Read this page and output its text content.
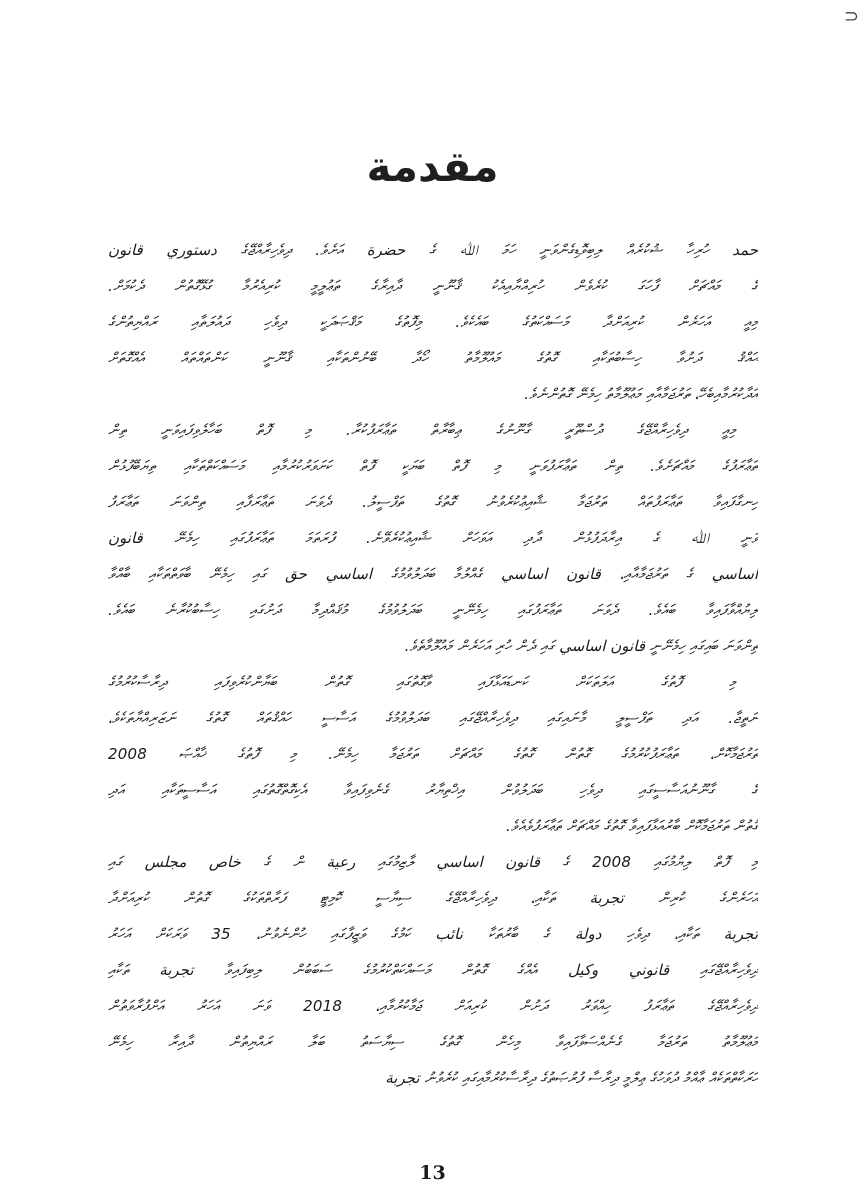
⊃
مقدمة
حمد ހުރިހާ ޝުކުރެއް ލިބިވޮޑިގެންވަނީ ހަމަ ﷲ ގެ حضرة އަށެވެ. ދިވެހިރާއްޖޭގެ دستوري قانون
ގެ މައްޗަށް ފާހަގަ ކުރެވެން ހުރިއްޔާއިއެކު ޤާނޫނީ ދާއިރާގެ ތަޢުލީމީ ކުރިއެރުމާ ގުޅޭގޮތުން ދެކުމަށް.
މިއީ އަހަރެން ކުރިއަށްދާ މަސައްކަތުގެ ބައެކެވެ. މިފޮތުގެ މަޤްޞަދަކީ ދިވެހި ދައުލަތާއި ރައްޔިތުންގެ
ޙައްޤު ދަށުވާ ހިސާބުތަކާއި ގޮތުގެ މައުލޫމާތު ހޯދާ ބޭނުންތަކާއި ޤާނޫނީ ކަންތައްތައް އެއްގޮތަށް
އަދާކުރުމާއިބެހޭ، ތަރުޖަމާއާއި މަޢުލޫމާތު ހިމެނޭ ގޮތުންނެވެ.
މިއީ ދިވެހިރާއްޖޭގެ ދުސްތޫރީ ގާނޫނުގެ ޢިބާރާތް ތަޢާރަފުކުރާ. މި ފޮތް ބަހާލެވިފައިވަނީ ތިން
ތަޢާރަފުގެ މައްޗަށެވެ. ތިން ތަޢާރަފުވަނީ މި ފޮތް ބަޔަކީ ފޮތް ކަށަވަރުކުރުމާއި މަސައްކަތްތަކާއި ތިޔަބޭފުޅުން
ހިނގާފައިވާ ތަޢާރަފުތައް ތަރުޖަމާ ޝާއިޢުކުރެވުނު ގޮތުގެ ތަފްސީލު. ދެވަނަ ތަޢާރަފާއި ތިންވަނަ ތަޢާރަފު
ވަނީ ﷲ ގެ އިރާދަފުޅުން ދާދި އަވަހަށް ޝާއިޢުކުރެވޭނެ. ފުރަތަމަ ތަޢާރަފުގައި ހިމެނޭ قانون
اساسي ގެ ތަރުޖަމާއާއި، قانون اساسي ގެއްލުމާ ބަދަލުވުމުގެ اساسي حق ގައި ހިމެނޭ ބާވަތްތަކާއި ބާއްވާ
ލިޔުއްވާފައިވާ ބައެވެ. ދެވަނަ ތަޢާރަފުގައި ހިމެނޭނީ ބަދަލުވުމުގެ މުޤައްދިމާ ދަށުގައި ހިސާބުކުރާނެ ބައެވެ.
ތިންވަނަ ބައިގައި ހިމެނޭނީ قانون اساسي ގައި ދެން ހުރި އަހަރެން މައުލޫމާތެވެ.
މި ފޮތުގެ އަލަތަކަށް ކަނޑައަޅާފައި ވާގޮތުގައި ގޮތުން ބަޔާންކުރެވިފައި ދިރާސާކުރުމުގެ
ނަތީޖާ. އަދި ތަފްސީލީ މާނައިގައި ދިވެހިރާއްޖޭގައި ބަދަލުވުމުގެ އަސާސީ ހައްޤުތައް ގޮތުގެ ނަޒަރިއްޔާތަކެވެ،
ތަރުޖަމާކޮށް، ތަޢާރަފުކުރުމުގެ ގޮތުން ގޮތުގެ މައްޗަށް ތަރުޖަމާ ހިމެނޭ. މި ފޮތުގެ ޚާއްޞަ 2008
ގެ ގާނޫނުއަސާސީގައި ދިވެހި ބަދަލުވުން އިޚްތިޔާރު ގެނެވިފައިވާ އެކިގޮތްގޮތުގައި އަސާސީތަކާއި އަދި
ގޮތުން ތަރުޖަމާކޮށް ބާރުއަޅާފައިވާ ގޮތުގެ މައްޗަށް ތަޢާރަފުވެއެވެ.
މި ފޮތް ލިޔުމުގައި 2008 ގެ قانون اساسي ލާޒިމުގައި رعية ން ގެ خاص مجلس ގައި
އަހަރެންގެ ކުރިން تجربة ތަކާއި، ދިވެހިރާއްޖޭގެ ސިޔާސީ ކޮމިޓީ ފަރާތްތަކުގެ ގޮތުން ކުރިއަށްދާ
تجربة ތަކާއި، ދިވެހި دولة ގެ ބާރުތަކާ نائب ކަމުގެ ވަޒީފާގައި ހުންނެވުނު، 35 ވަރަކަށް އަހަރު
ދިވެހިރާއްޖޭގައި قانوني وكيل އެއްގެ ގޮތުން މަސައްކަތްކުރުމުގެ ސަބަބުން ލިބިފައިވާ تجربة ތަކާއި
ދިވެހިރާއްޖޭގެ ތަޢާރަފު ހިއްވަރު ދަށުން ކުރިއަށް ޖަމާކުރުމާއި، 2018 ވަނަ އަހަރު އަށްފުރާވަތުން
މަޢުލޫމާތު ތަރުޖަމާ ގެނެއްސަވާފައިވާ މިހެން ގޮތުގެ ސިޔާސަތު ބަލާ ރައްޔިތުން ދާއިރާ ހިމެނޭ
ހަރަކާތްތަކެއް ޢާއްމު ދުވަހުގެ ޢިލްމީ ދިރާސާ ފުރުޞަތުގެ ދިރާސާކުރުމާއިގައި ކުރެވުނު تجربة
13
